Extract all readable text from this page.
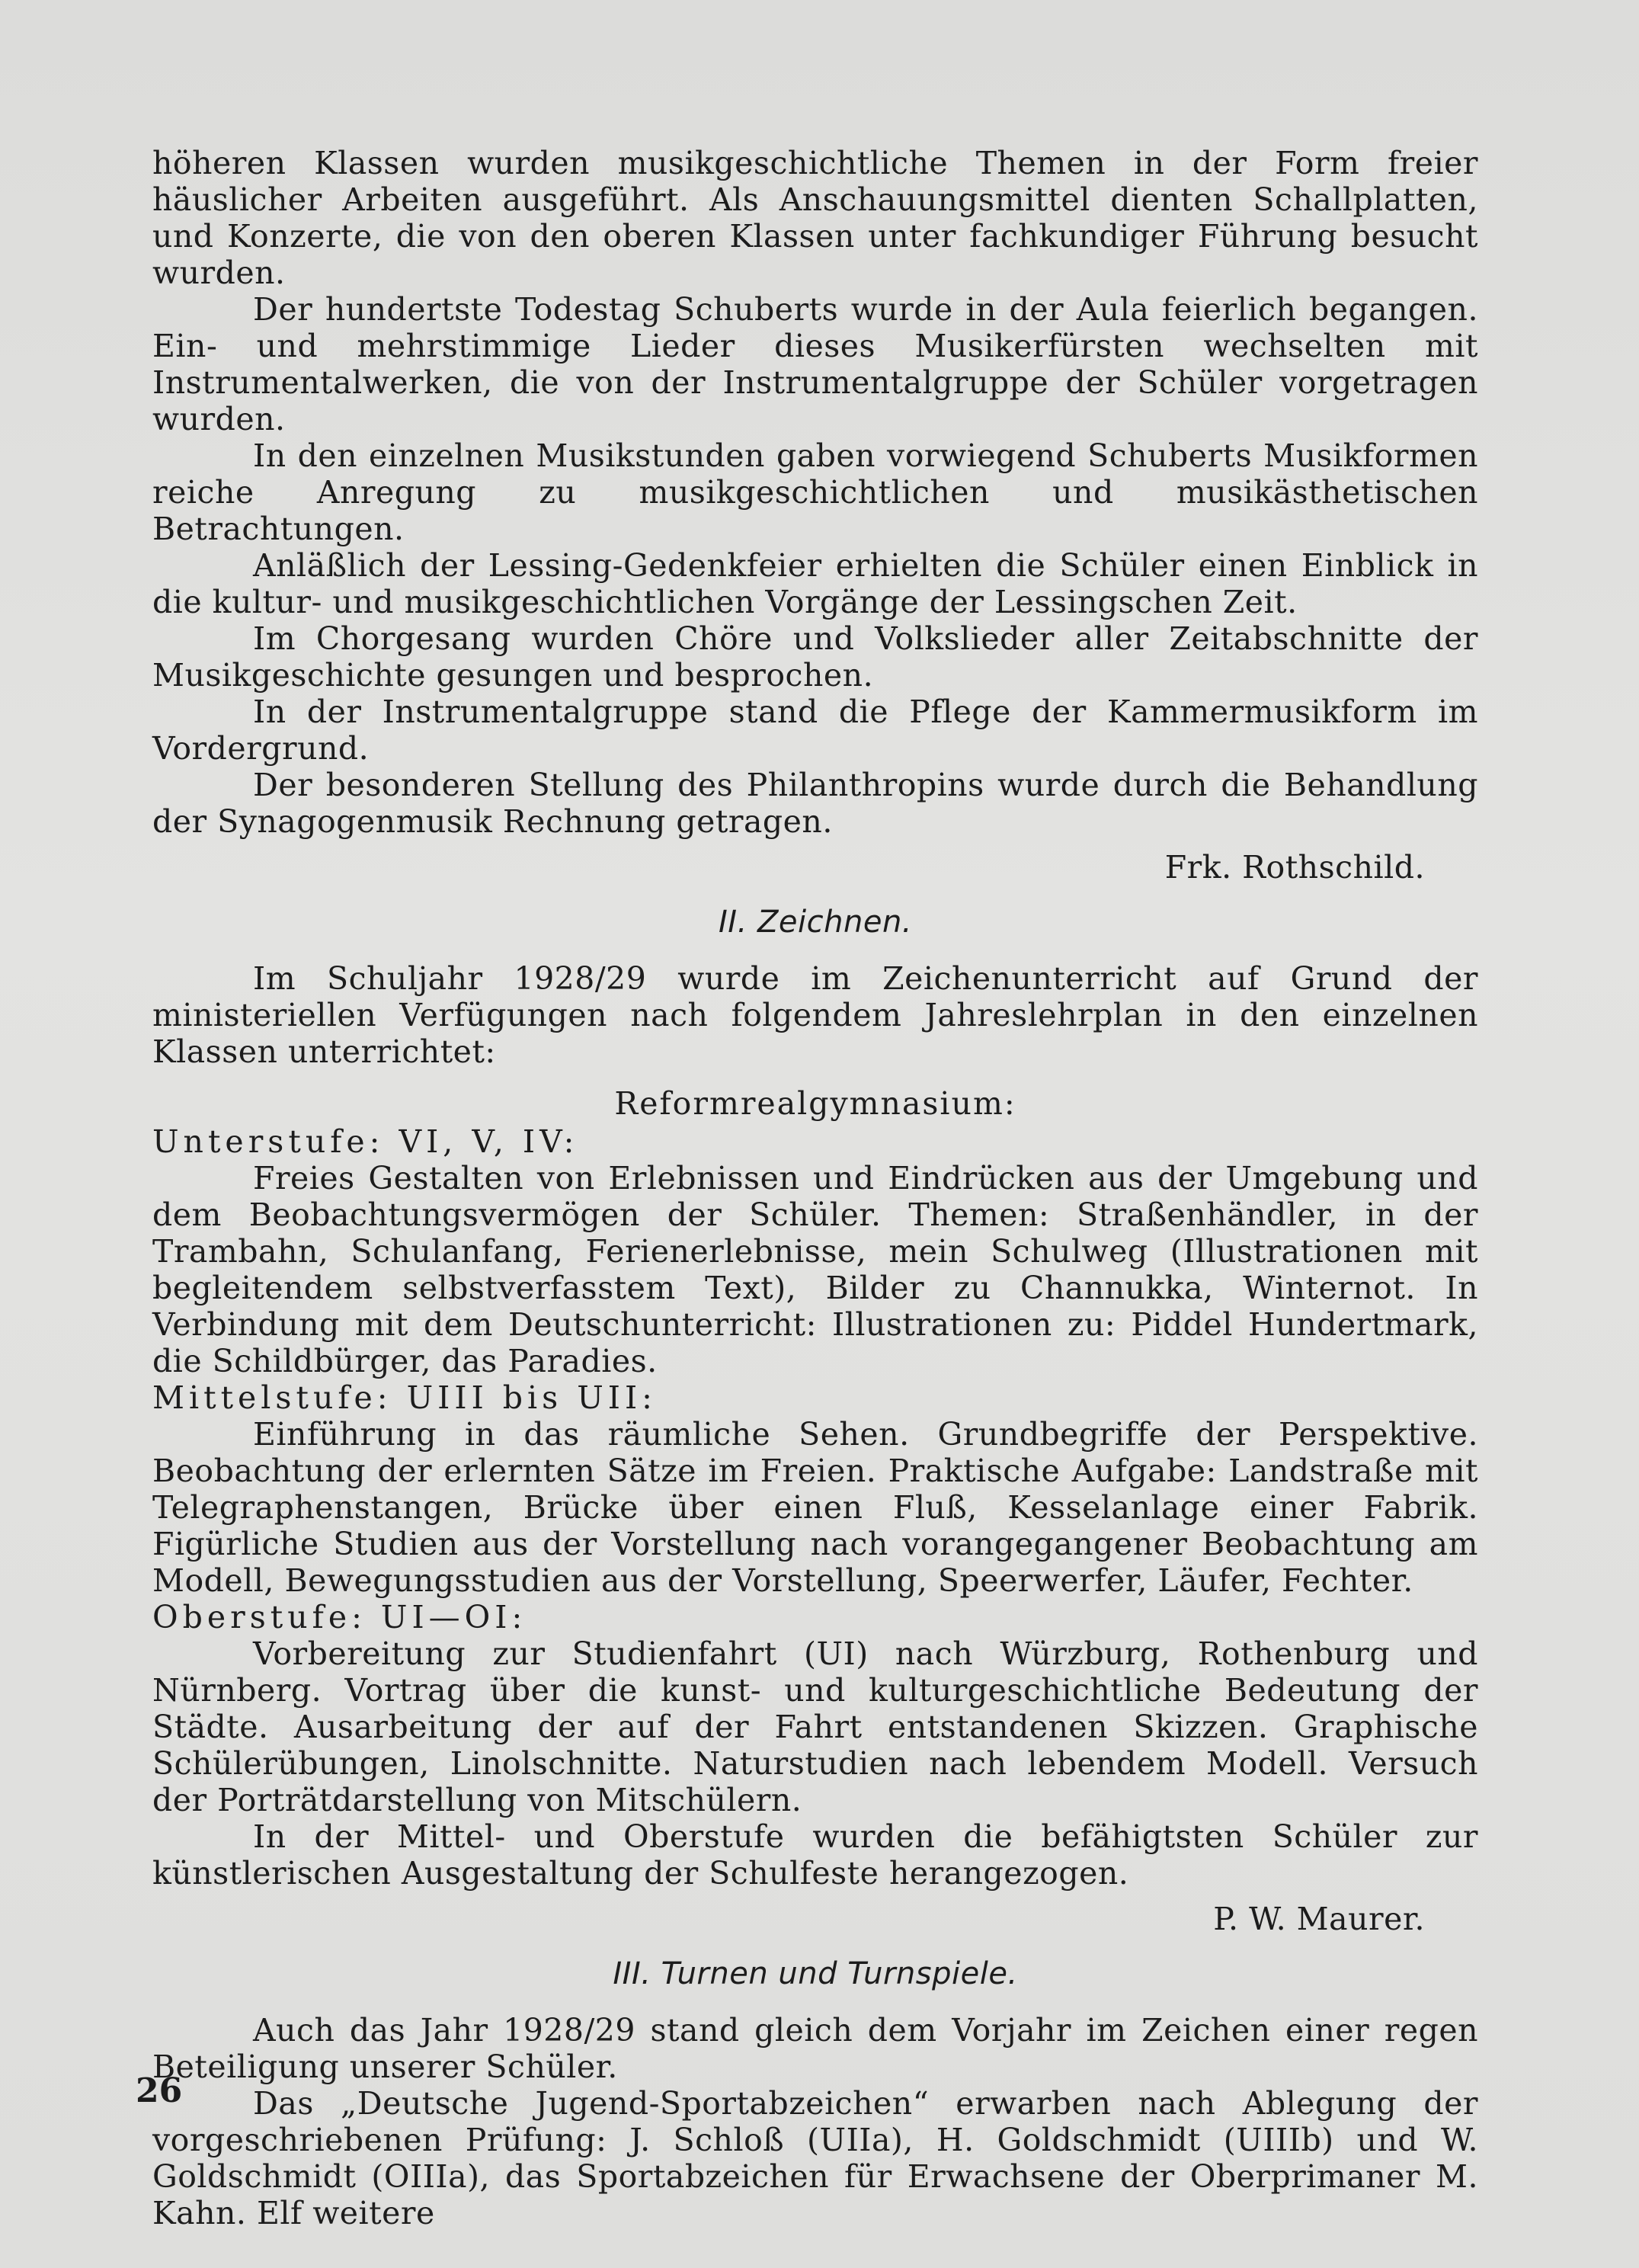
höheren Klassen wurden musikgeschichtliche Themen in der Form freier häuslicher Arbeiten ausgeführt. Als Anschauungsmittel dienten Schallplatten, und Konzerte, die von den oberen Klassen unter fachkundiger Führung besucht wurden.

Der hundertste Todestag Schuberts wurde in der Aula feierlich begangen. Ein- und mehrstimmige Lieder dieses Musikerfürsten wechselten mit Instrumentalwerken, die von der Instrumentalgruppe der Schüler vorgetragen wurden.

In den einzelnen Musikstunden gaben vorwiegend Schuberts Musikformen reiche Anregung zu musikgeschichtlichen und musikästhetischen Betrachtungen.

Anläßlich der Lessing-Gedenkfeier erhielten die Schüler einen Einblick in die kultur- und musikgeschichtlichen Vorgänge der Lessingschen Zeit.

Im Chorgesang wurden Chöre und Volkslieder aller Zeitabschnitte der Musikgeschichte gesungen und besprochen.

In der Instrumentalgruppe stand die Pflege der Kammermusikform im Vordergrund.

Der besonderen Stellung des Philanthropins wurde durch die Behandlung der Synagogenmusik Rechnung getragen.

Frk. Rothschild.

II. Zeichnen.

Im Schuljahr 1928/29 wurde im Zeichenunterricht auf Grund der ministeriellen Verfügungen nach folgendem Jahreslehrplan in den einzelnen Klassen unterrichtet:

Reformrealgymnasium:

Unterstufe: VI, V, IV:

Freies Gestalten von Erlebnissen und Eindrücken aus der Umgebung und dem Beobachtungsvermögen der Schüler. Themen: Straßenhändler, in der Trambahn, Schulanfang, Ferienerlebnisse, mein Schulweg (Illustrationen mit begleitendem selbstverfasstem Text), Bilder zu Channukka, Winternot. In Verbindung mit dem Deutschunterricht: Illustrationen zu: Piddel Hundertmark, die Schildbürger, das Paradies.

Mittelstufe: UIII bis UII:

Einführung in das räumliche Sehen. Grundbegriffe der Perspektive. Beobachtung der erlernten Sätze im Freien. Praktische Aufgabe: Landstraße mit Telegraphenstangen, Brücke über einen Fluß, Kesselanlage einer Fabrik. Figürliche Studien aus der Vorstellung nach vorangegangener Beobachtung am Modell, Bewegungsstudien aus der Vorstellung, Speerwerfer, Läufer, Fechter.

Oberstufe: UI—OI:

Vorbereitung zur Studienfahrt (UI) nach Würzburg, Rothenburg und Nürnberg. Vortrag über die kunst- und kulturgeschichtliche Bedeutung der Städte. Ausarbeitung der auf der Fahrt entstandenen Skizzen. Graphische Schülerübungen, Linolschnitte. Naturstudien nach lebendem Modell. Versuch der Porträtdarstellung von Mitschülern.

In der Mittel- und Oberstufe wurden die befähigtsten Schüler zur künstlerischen Ausgestaltung der Schulfeste herangezogen.

P. W. Maurer.

III. Turnen und Turnspiele.

Auch das Jahr 1928/29 stand gleich dem Vorjahr im Zeichen einer regen Beteiligung unserer Schüler.

Das „Deutsche Jugend-Sportabzeichen“ erwarben nach Ablegung der vorgeschriebenen Prüfung: J. Schloß (UIIa), H. Goldschmidt (UIIIb) und W. Goldschmidt (OIIIa), das Sportabzeichen für Erwachsene der Oberprimaner M. Kahn. Elf weitere

26
